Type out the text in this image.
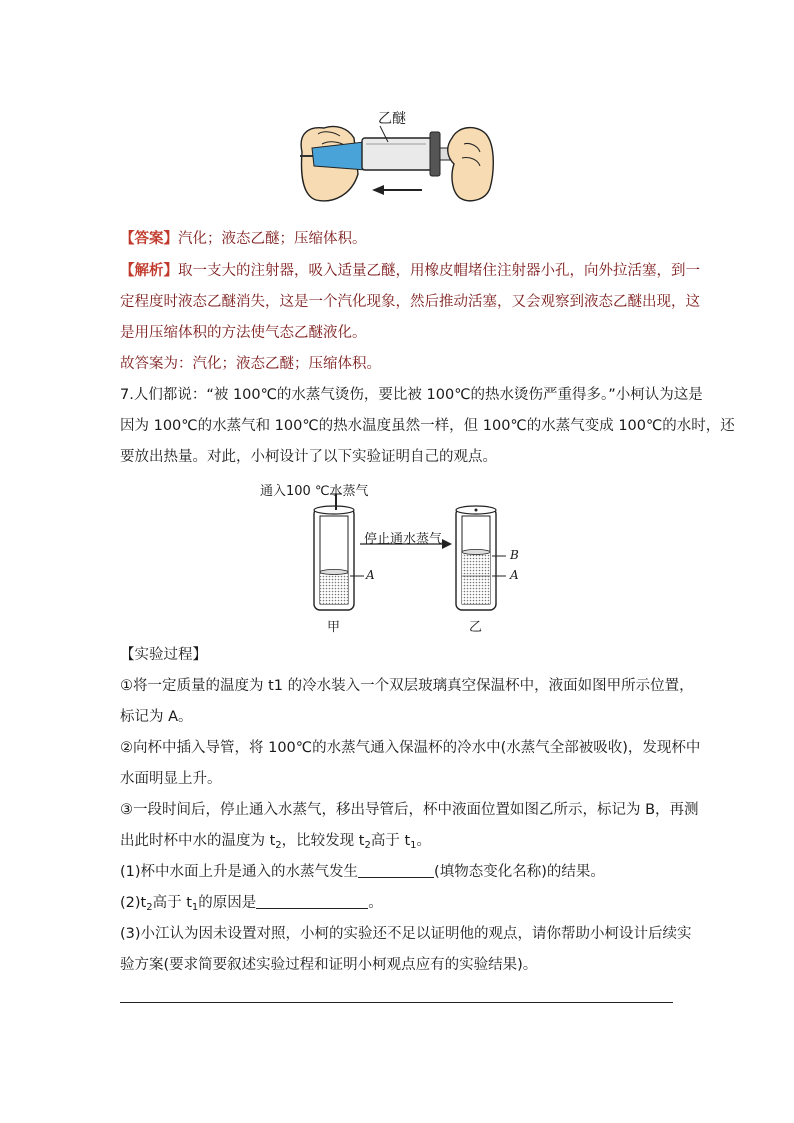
乙醚
【答案】汽化；液态乙醚；压缩体积。
【解析】取一支大的注射器，吸入适量乙醚，用橡皮帽堵住注射器小孔，向外拉活塞，到一
定程度时液态乙醚消失，这是一个汽化现象，然后推动活塞，又会观察到液态乙醚出现，这
是用压缩体积的方法使气态乙醚液化。
故答案为：汽化；液态乙醚；压缩体积。
7.人们都说：“被 100℃的水蒸气烫伤，要比被 100℃的热水烫伤严重得多。”小柯认为这是
因为 100℃的水蒸气和 100℃的热水温度虽然一样，但 100℃的水蒸气变成 100℃的水时，还
要放出热量。对此，小柯设计了以下实验证明自己的观点。
通入100 ℃水蒸气
停止通水蒸气
A
B
A
甲	乙
【实验过程】
①将一定质量的温度为 t1 的冷水装入一个双层玻璃真空保温杯中，液面如图甲所示位置，
标记为 A。
②向杯中插入导管，将 100℃的水蒸气通入保温杯的冷水中(水蒸气全部被吸收)，发现杯中
水面明显上升。
③一段时间后，停止通入水蒸气，移出导管后，杯中液面位置如图乙所示，标记为 B，再测
出此时杯中水的温度为 $t_2$，比较发现 $t_2$高于 $t_1$。
(1)杯中水面上升是通入的水蒸气发生	(填物态变化名称)的结果。
$(2)t_2$高于 $t_1$的原因是	。
(3)小江认为因未设置对照，小柯的实验还不足以证明他的观点，请你帮助小柯设计后续实
验方案(要求简要叙述实验过程和证明小柯观点应有的实验结果)。
